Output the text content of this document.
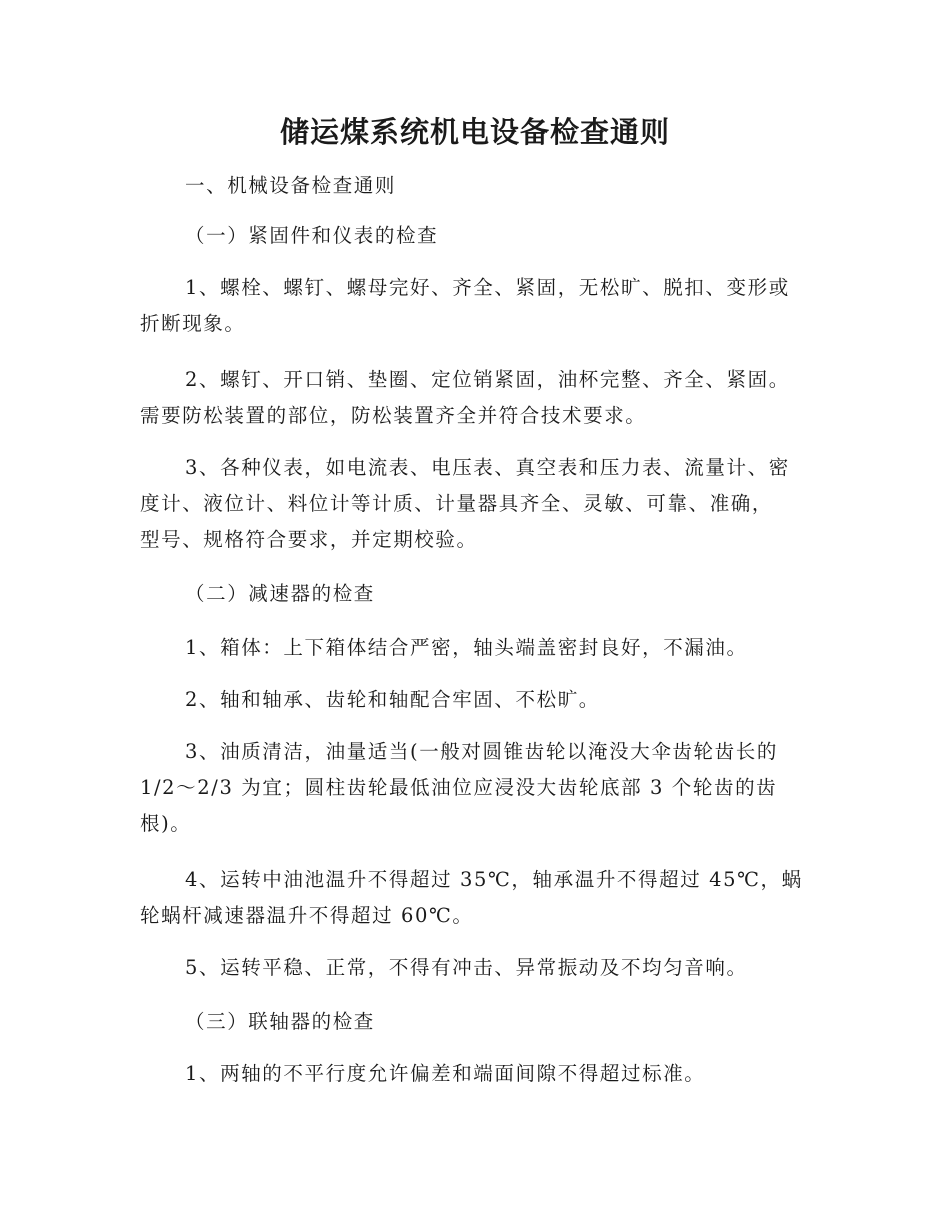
储运煤系统机电设备检查通则

一、机械设备检查通则

（一）紧固件和仪表的检查

1、螺栓、螺钉、螺母完好、齐全、紧固，无松旷、脱扣、变形或
折断现象。

2、螺钉、开口销、垫圈、定位销紧固，油杯完整、齐全、紧固。
需要防松装置的部位，防松装置齐全并符合技术要求。

3、各种仪表，如电流表、电压表、真空表和压力表、流量计、密
度计、液位计、料位计等计质、计量器具齐全、灵敏、可靠、准确，
型号、规格符合要求，并定期校验。

（二）减速器的检查

1、箱体：上下箱体结合严密，轴头端盖密封良好，不漏油。

2、轴和轴承、齿轮和轴配合牢固、不松旷。

3、油质清洁，油量适当(一般对圆锥齿轮以淹没大伞齿轮齿长的
1/2～2/3 为宜；圆柱齿轮最低油位应浸没大齿轮底部 3 个轮齿的齿
根)。

4、运转中油池温升不得超过 35℃，轴承温升不得超过 45℃，蜗
轮蜗杆减速器温升不得超过 60℃。

5、运转平稳、正常，不得有冲击、异常振动及不均匀音响。

（三）联轴器的检查

1、两轴的不平行度允许偏差和端面间隙不得超过标准。
